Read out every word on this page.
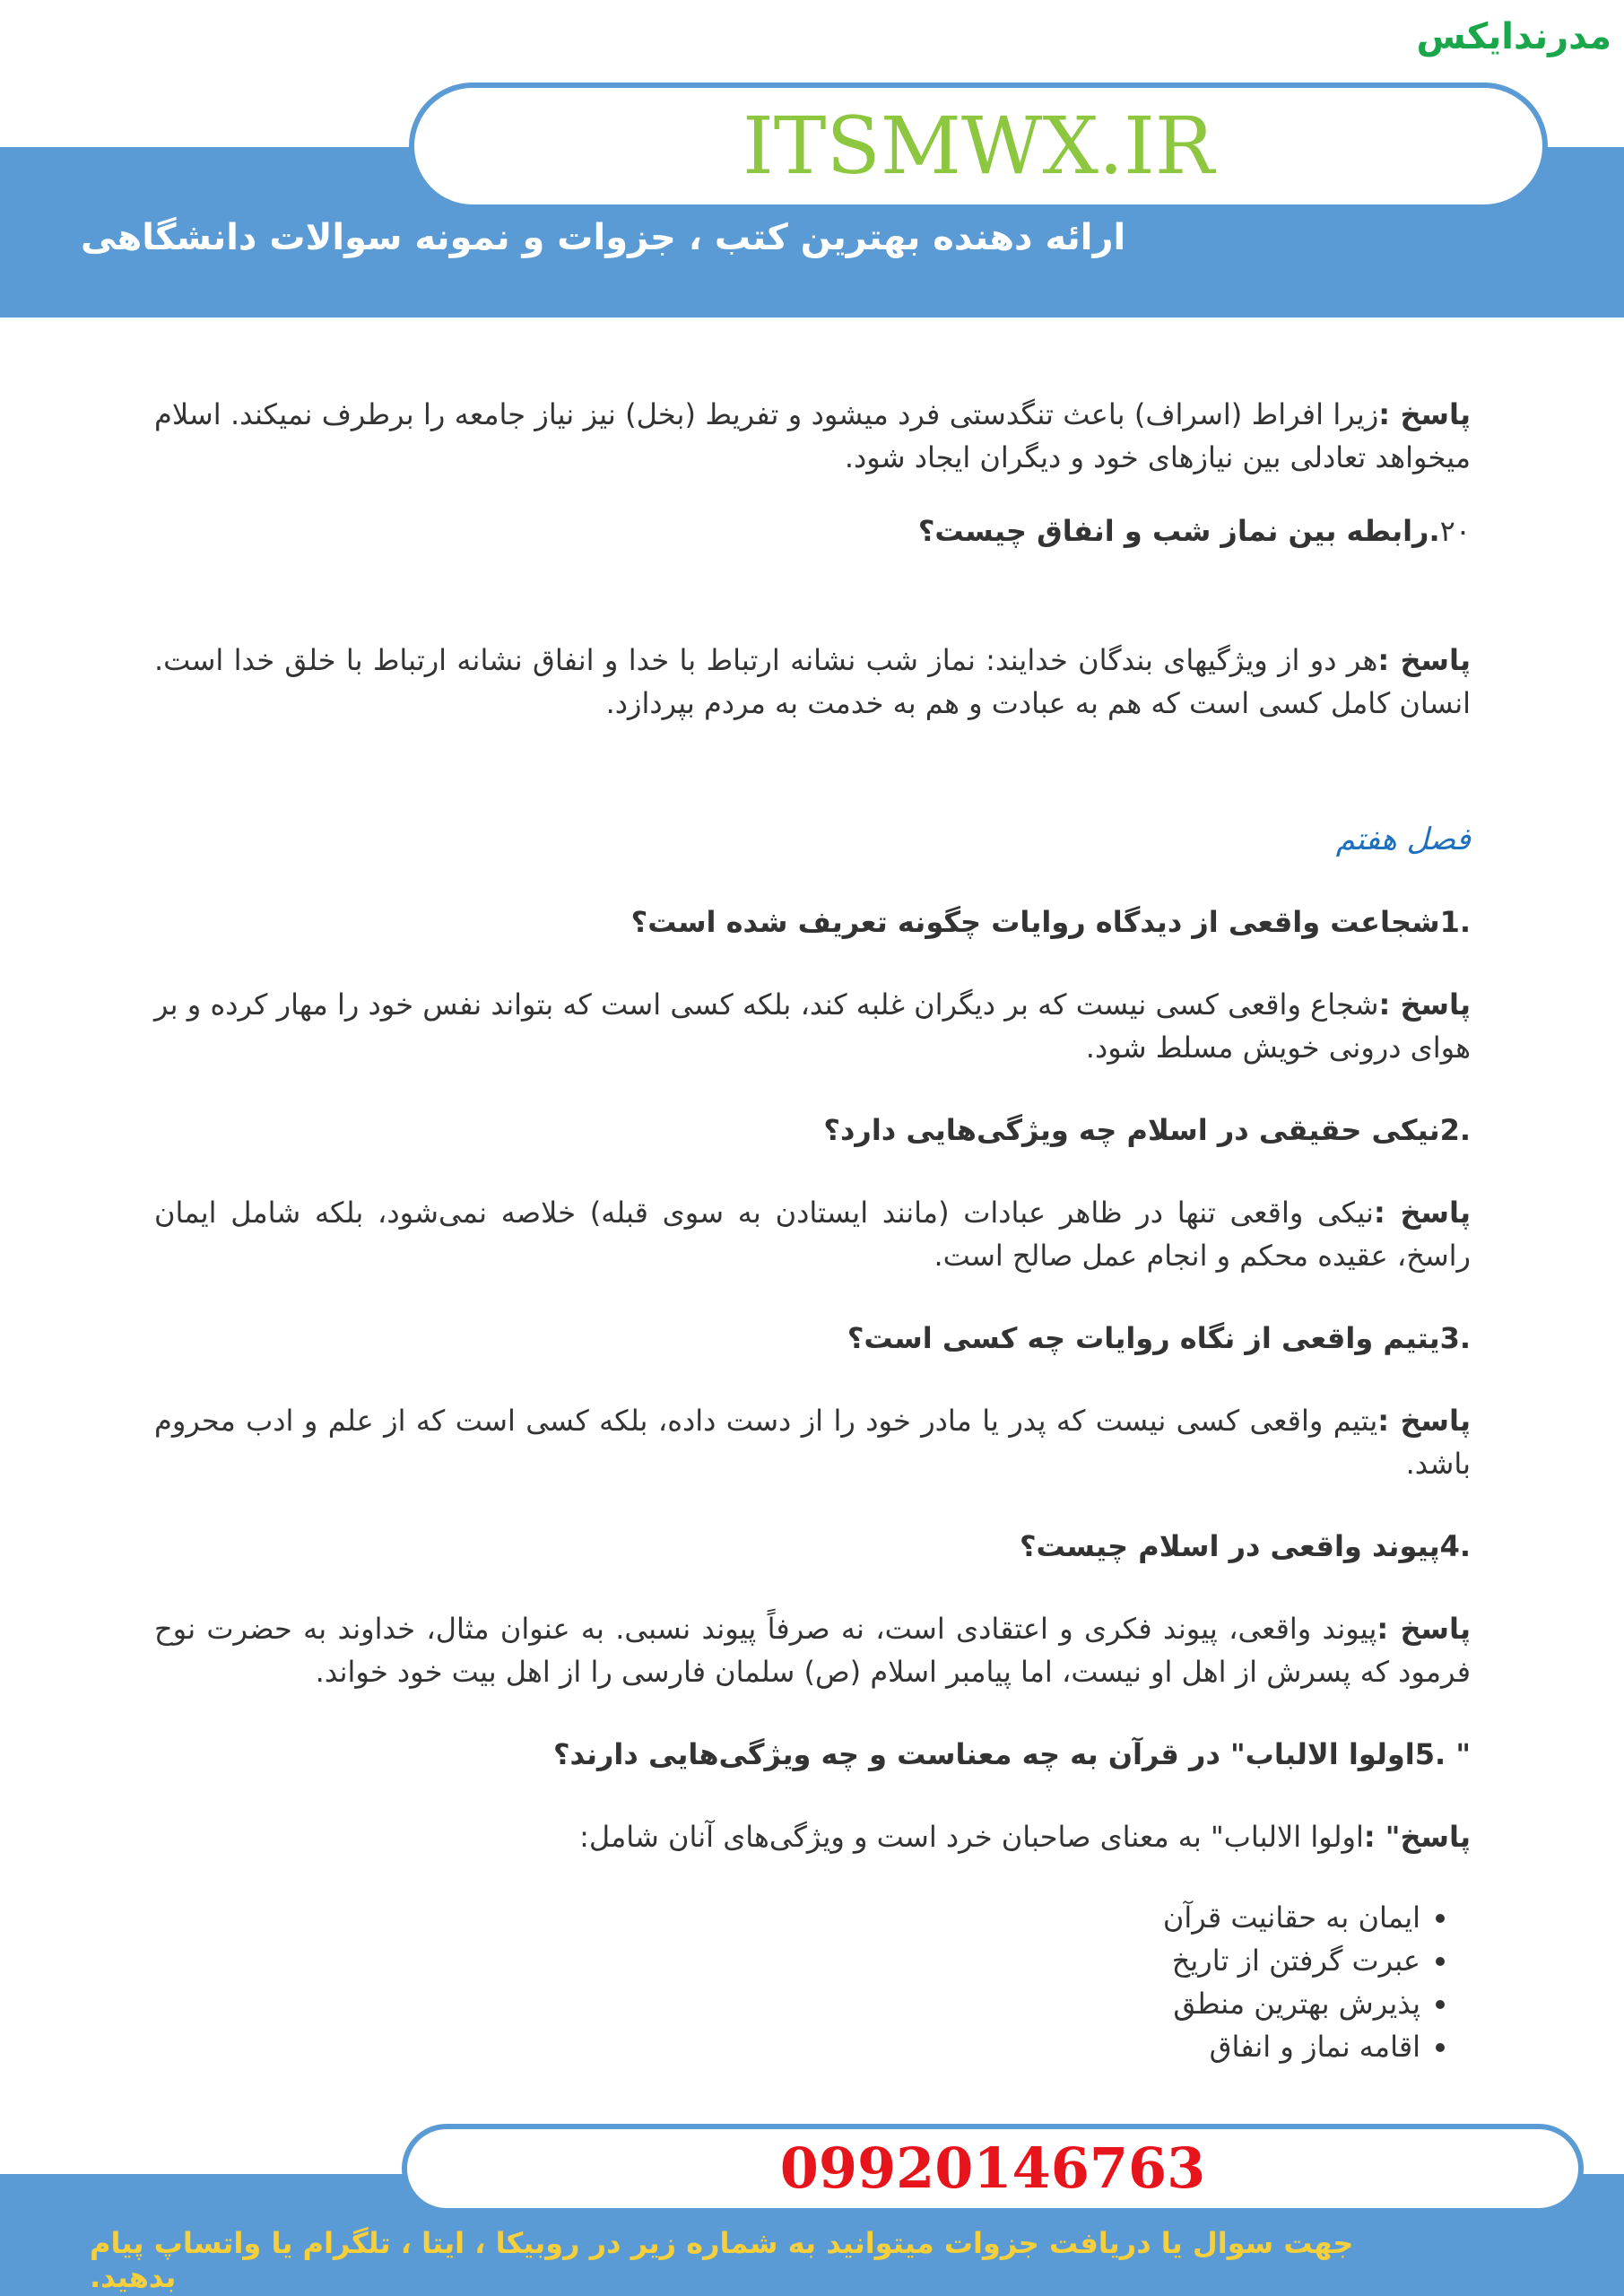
مدرندایکس
ITSMWX.IR
ارائه دهنده بهترین کتب ، جزوات و نمونه سوالات دانشگاهی

پاسخ :زیرا افراط (اسراف) باعث تنگدستی فرد میشود و تفریط (بخل) نیز نیاز جامعه را برطرف نمیکند. اسلام میخواهد تعادلی بین نیازهای خود و دیگران ایجاد شود.

۲۰.رابطه بین نماز شب و انفاق چیست؟

پاسخ :هر دو از ویژگیهای بندگان خدایند: نماز شب نشانه ارتباط با خدا و انفاق نشانه ارتباط با خلق خدا است. انسان کامل کسی است که هم به عبادت و هم به خدمت به مردم بپردازد.

فصل هفتم

.1شجاعت واقعی از دیدگاه روایات چگونه تعریف شده است؟

پاسخ :شجاع واقعی کسی نیست که بر دیگران غلبه کند، بلکه کسی است که بتواند نفس خود را مهار کرده و بر هوای درونی خویش مسلط شود.

.2نیکی حقیقی در اسلام چه ویژگی‌هایی دارد؟

پاسخ :نیکی واقعی تنها در ظاهر عبادات (مانند ایستادن به سوی قبله) خلاصه نمی‌شود، بلکه شامل ایمان راسخ، عقیده محکم و انجام عمل صالح است.

.3یتیم واقعی از نگاه روایات چه کسی است؟

پاسخ :یتیم واقعی کسی نیست که پدر یا مادر خود را از دست داده، بلکه کسی است که از علم و ادب محروم باشد.

.4پیوند واقعی در اسلام چیست؟

پاسخ :پیوند واقعی، پیوند فکری و اعتقادی است، نه صرفاً پیوند نسبی. به عنوان مثال، خداوند به حضرت نوح فرمود که پسرش از اهل او نیست، اما پیامبر اسلام (ص) سلمان فارسی را از اهل بیت خود خواند.

" .5اولوا الالباب" در قرآن به چه معناست و چه ویژگی‌هایی دارند؟

پاسخ" :اولوا الالباب" به معنای صاحبان خرد است و ویژگی‌های آنان شامل:

• ایمان به حقانیت قرآن
• عبرت گرفتن از تاریخ
• پذیرش بهترین منطق
• اقامه نماز و انفاق
09920146763
جهت سوال یا دریافت جزوات میتوانید به شماره زیر در روبیکا ، ایتا ، تلگرام یا واتساپ پیام بدهید.
